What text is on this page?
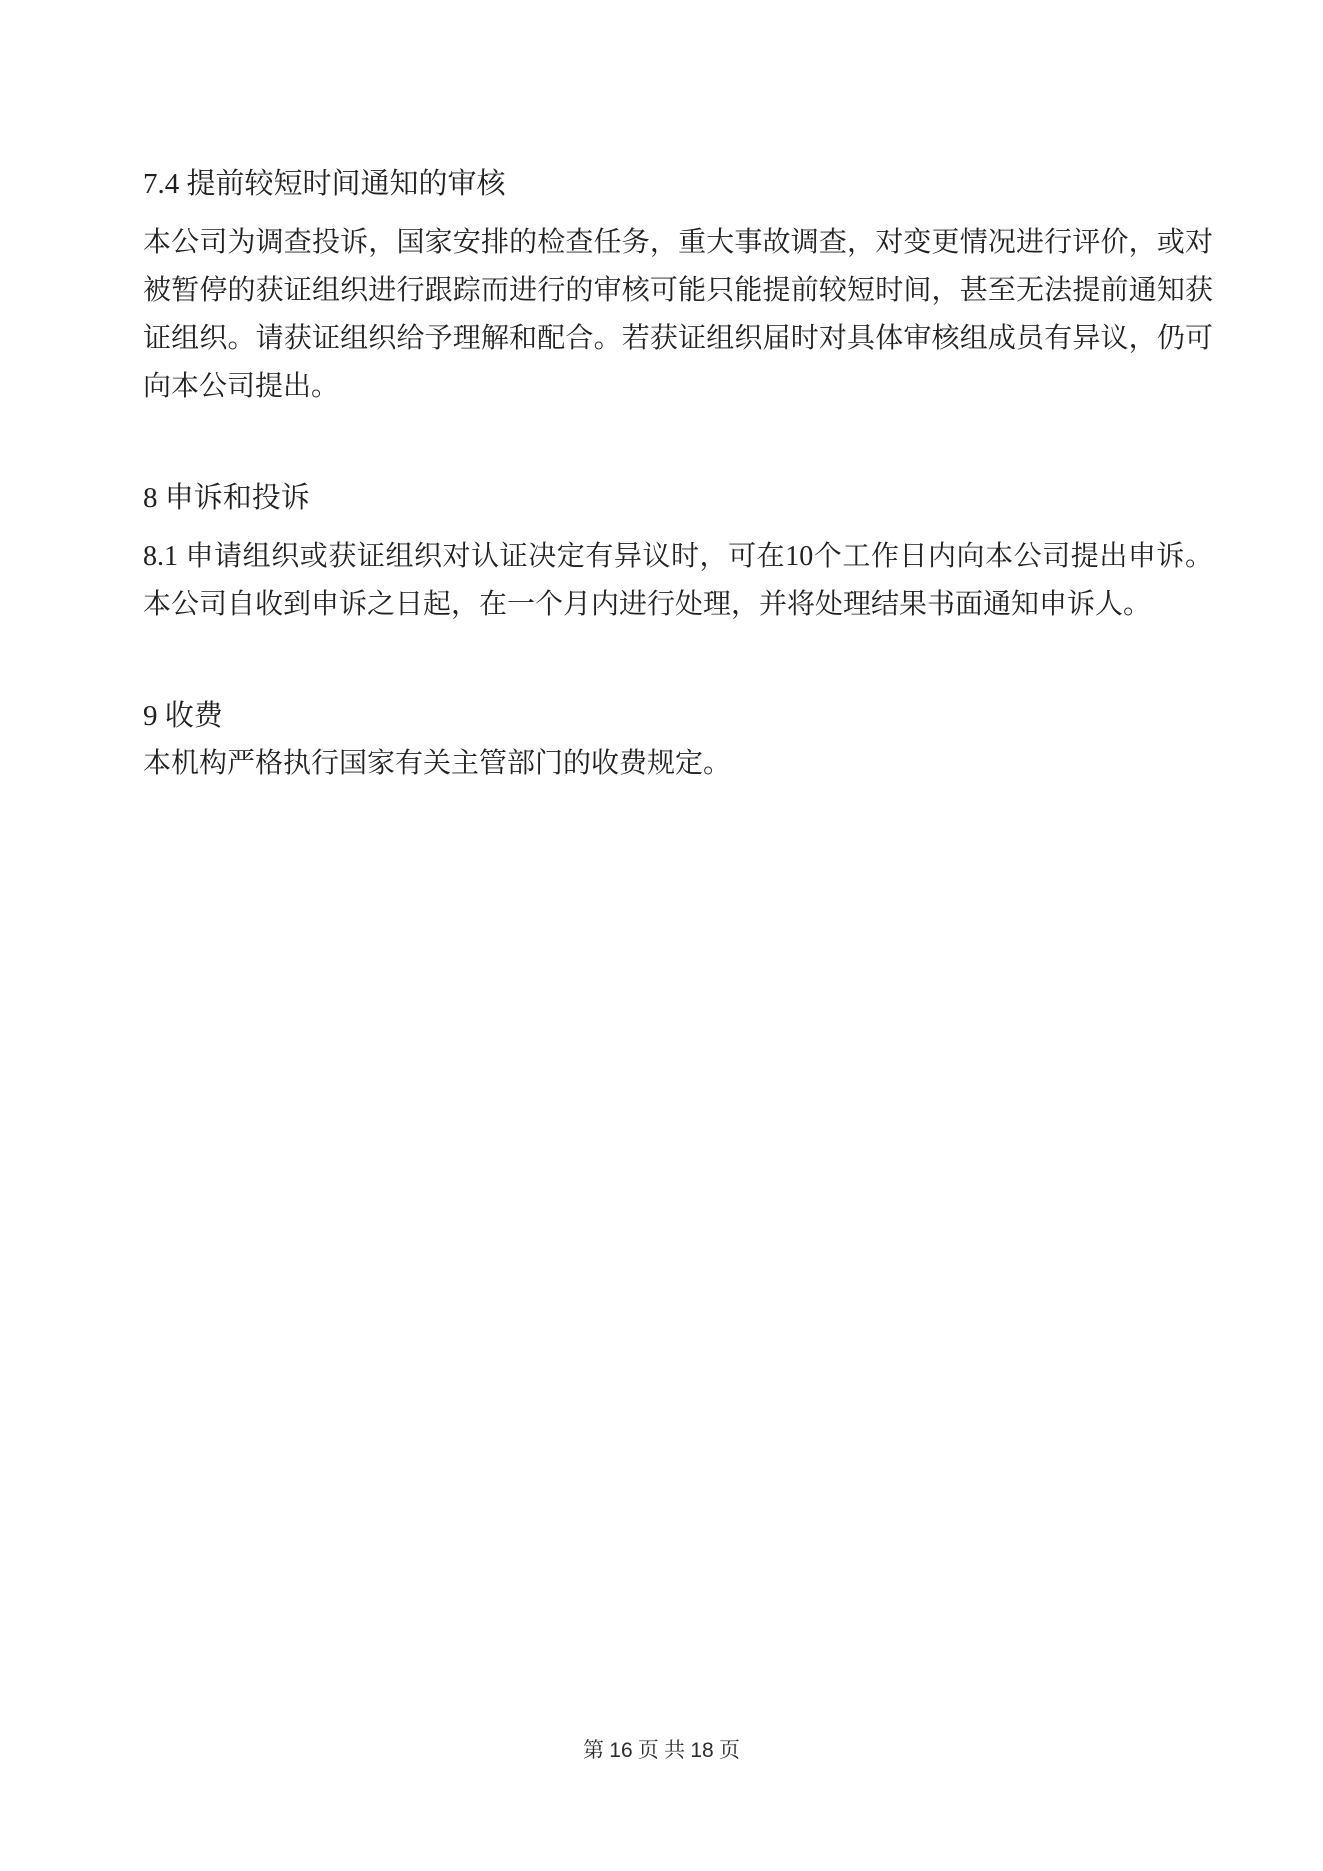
7.4 提前较短时间通知的审核

本公司为调查投诉，国家安排的检查任务，重大事故调查，对变更情况进行评价，或对被暂停的获证组织进行跟踪而进行的审核可能只能提前较短时间，甚至无法提前通知获证组织。请获证组织给予理解和配合。若获证组织届时对具体审核组成员有异议，仍可向本公司提出。

8 申诉和投诉

8.1 申请组织或获证组织对认证决定有异议时，可在10个工作日内向本公司提出申诉。本公司自收到申诉之日起，在一个月内进行处理，并将处理结果书面通知申诉人。

9 收费

本机构严格执行国家有关主管部门的收费规定。

第 16 页 共 18 页
